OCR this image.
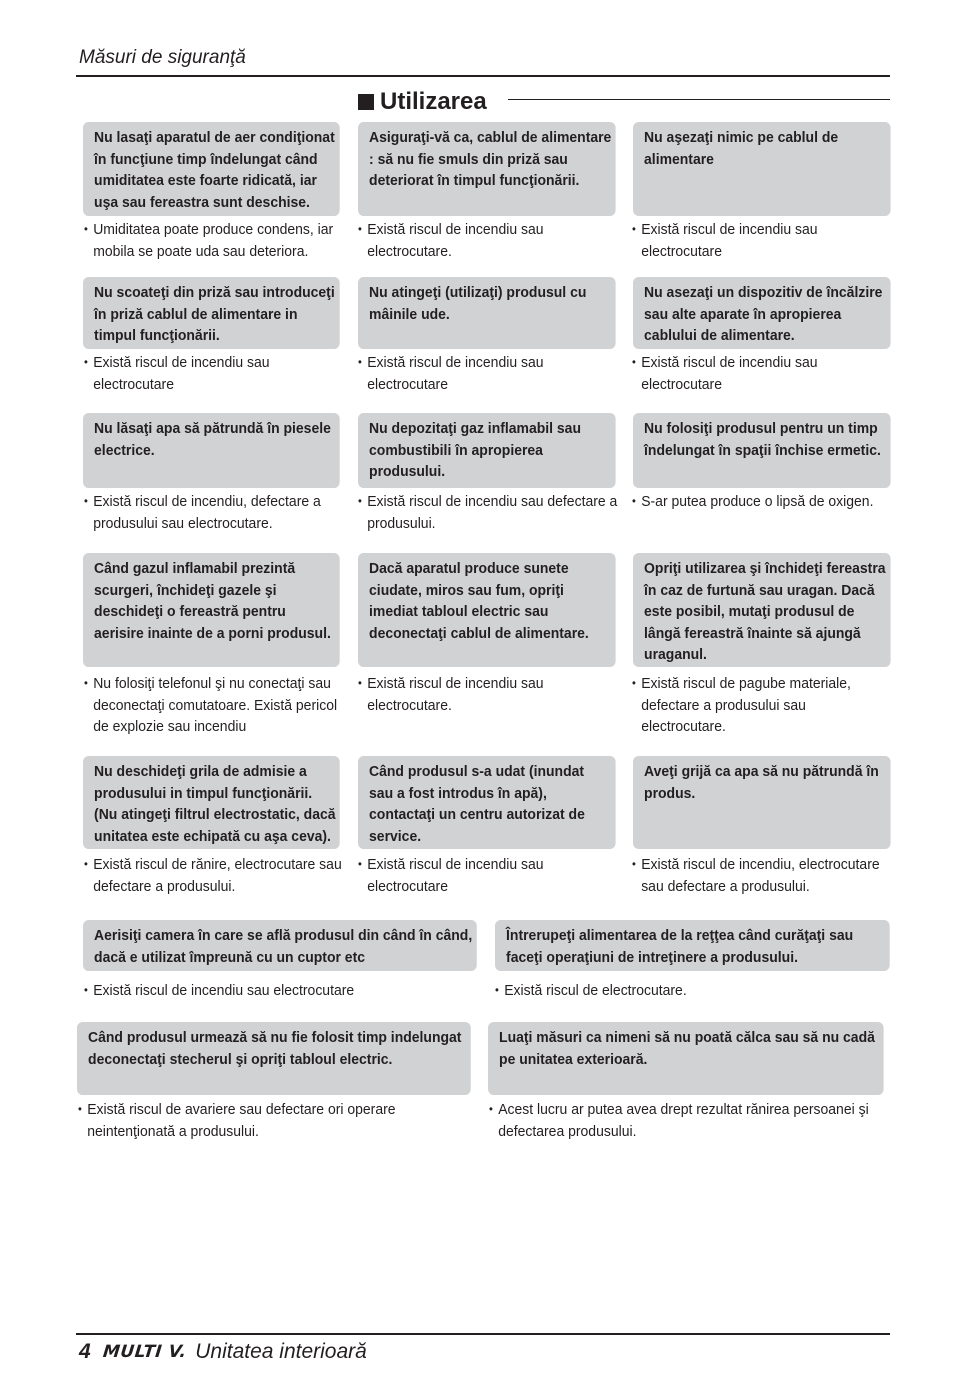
Măsuri de siguranţă
Utilizarea
Nu lasaţi aparatul de aer condiţionat în funcţiune timp îndelungat când umiditatea este foarte ridicată, iar uşa sau fereastra sunt deschise.
• Umiditatea poate produce condens, iar mobila se poate uda sau deteriora.
Asiguraţi-vă ca, cablul de alimentare : să nu fie smuls din priză sau deteriorat în timpul funcţionării.
• Există riscul de incendiu sau electrocutare.
Nu aşezaţi nimic pe cablul de alimentare
• Există riscul de incendiu sau electrocutare
Nu scoateţi din priză sau introduceţi în priză cablul de alimentare in timpul funcţionării.
• Există riscul de incendiu sau electrocutare
Nu atingeţi (utilizaţi) produsul cu mâinile ude.
• Există riscul de incendiu sau electrocutare
Nu asezaţi un dispozitiv de încălzire sau alte aparate în apropierea cablului de alimentare.
• Există riscul de incendiu sau electrocutare
Nu lăsaţi apa să pătrundă în piesele electrice.
• Există riscul de incendiu, defectare a produsului sau electrocutare.
Nu depozitaţi gaz inflamabil sau combustibili în apropierea produsului.
• Există riscul de incendiu sau defectare a produsului.
Nu folosiţi produsul pentru un timp îndelungat în spaţii închise ermetic.
• S-ar putea produce o lipsă de oxigen.
Când gazul inflamabil prezintă scurgeri, închideţi gazele şi deschideţi o fereastră pentru aerisire inainte de a porni produsul.
• Nu folosiţi telefonul şi nu conectaţi sau deconectaţi comutatoare. Există pericol de explozie sau incendiu
Dacă aparatul produce sunete ciudate, miros sau fum, opriţi imediat tabloul electric sau deconectaţi cablul de alimentare.
• Există riscul de incendiu sau electrocutare.
Opriţi utilizarea şi închideţi fereastra în caz de furtună sau uragan. Dacă este posibil, mutaţi produsul de lângă fereastră înainte să ajungă uraganul.
• Există riscul de pagube materiale, defectare a produsului sau electrocutare.
Nu deschideţi grila de admisie a produsului in timpul funcţionării. (Nu atingeţi filtrul electrostatic, dacă unitatea este echipată cu aşa ceva).
• Există riscul de rănire, electrocutare sau defectare a produsului.
Când produsul s-a udat (inundat sau a fost introdus în apă), contactaţi un centru autorizat de service.
• Există riscul de incendiu sau electrocutare
Aveţi grijă ca apa să nu pătrundă în produs.
• Există riscul de incendiu, electrocutare sau defectare a produsului.
Aerisiţi camera în care se află produsul din când în când, dacă e utilizat împreună cu un cuptor etc
• Există riscul de incendiu sau electrocutare
Întrerupeţi alimentarea de la reţţea când curăţaţi sau faceţi operaţiuni de intreţinere a produsului.
• Există riscul de electrocutare.
Când produsul urmează să nu fie folosit timp indelungat deconectaţi stecherul şi opriţi tabloul electric.
• Există riscul de avariere sau defectare ori operare neintenţionată a produsului.
Luaţi măsuri ca nimeni să nu poată călca sau să nu cadă pe unitatea exterioară.
• Acest lucru ar putea avea drept rezultat rănirea persoanei şi defectarea produsului.
4 MULTI V. Unitatea interioară
